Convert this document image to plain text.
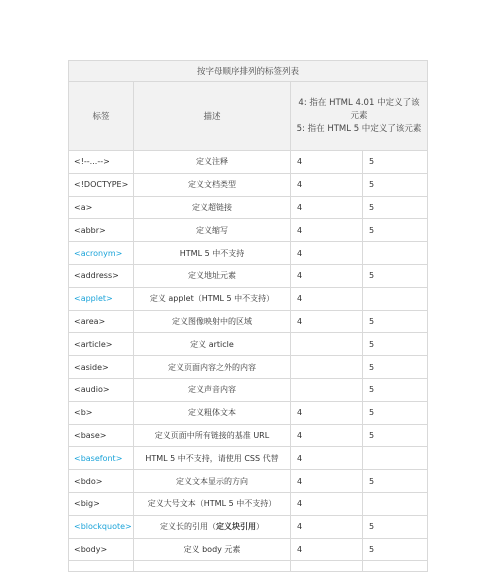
按字母顺序排列的标签列表			
标签	描述	4: 指在 HTML 4.01 中定义了该元素
5: 指在 HTML 5 中定义了该元素	

<!--...-->	定义注释	4	5
<!DOCTYPE>	定义文档类型	4	5
<a>	定义超链接	4	5
<abbr>	定义缩写	4	5
<acronym>	HTML 5 中不支持	4	
<address>	定义地址元素	4	5
<applet>	定义 applet（HTML 5 中不支持）	4	
<area>	定义图像映射中的区域	4	5
<article>	定义 article		5
<aside>	定义页面内容之外的内容		5
<audio>	定义声音内容		5
<b>	定义粗体文本	4	5
<base>	定义页面中所有链接的基准 URL	4	5
<basefont>	HTML 5 中不支持，请使用 CSS 代替	4	
<bdo>	定义文本显示的方向	4	5
<big>	定义大号文本（HTML 5 中不支持）	4	
<blockquote>	定义长的引用（定义块引用）	4	5
<body>	定义 body 元素	4	5
